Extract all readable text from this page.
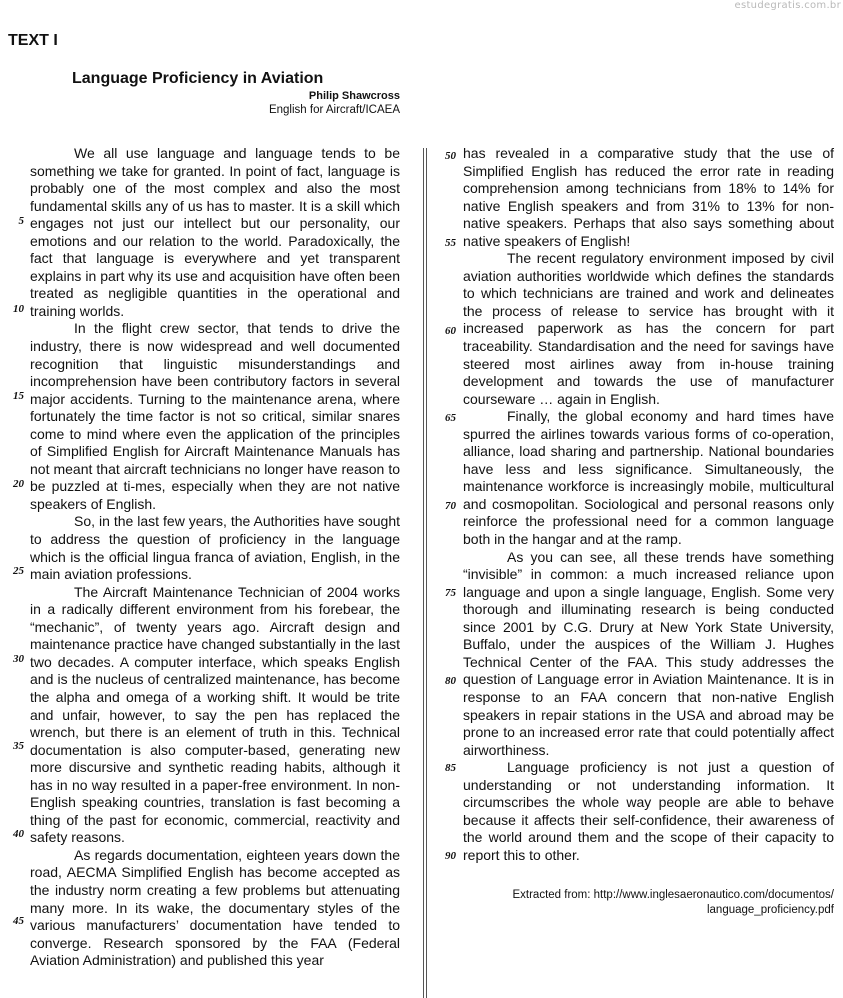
estudegratis.com.br
TEXT I
Language Proficiency in Aviation
Philip Shawcross
English for Aircraft/ICAEA

We all use language and language tends to be something we take for granted. In point of fact, language is probably one of the most complex and also the most fundamental skills any of us has to master. It is a skill which engages not just our intellect but our personality, our emotions and our relation to the world. Paradoxically, the fact that language is everywhere and yet transparent explains in part why its use and acquisition have often been treated as negligible quantities in the operational and training worlds.

In the flight crew sector, that tends to drive the industry, there is now widespread and well documented recognition that linguistic misunderstandings and incomprehension have been contributory factors in several major accidents. Turning to the maintenance arena, where fortunately the time factor is not so critical, similar snares come to mind where even the application of the principles of Simplified English for Aircraft Maintenance Manuals has not meant that aircraft technicians no longer have reason to be puzzled at ti-mes, especially when they are not native speakers of English.

So, in the last few years, the Authorities have sought to address the question of proficiency in the language which is the official lingua franca of aviation, English, in the main aviation professions.

The Aircraft Maintenance Technician of 2004 works in a radically different environment from his forebear, the “mechanic”, of twenty years ago. Aircraft design and maintenance practice have changed substantially in the last two decades. A computer interface, which speaks English and is the nucleus of centralized maintenance, has become the alpha and omega of a working shift. It would be trite and unfair, however, to say the pen has replaced the wrench, but there is an element of truth in this. Technical documentation is also computer-based, generating new more discursive and synthetic reading habits, although it has in no way resulted in a paper-free environment. In non-English speaking countries, translation is fast becoming a thing of the past for economic, commercial, reactivity and safety reasons.

As regards documentation, eighteen years down the road, AECMA Simplified English has become accepted as the industry norm creating a few problems but attenuating many more. In its wake, the documentary styles of the various manufacturers’ documentation have tended to converge. Research sponsored by the FAA (Federal Aviation Administration) and published this year

has revealed in a comparative study that the use of Simplified English has reduced the error rate in reading comprehension among technicians from 18% to 14% for native English speakers and from 31% to 13% for non-native speakers. Perhaps that also says something about native speakers of English!

The recent regulatory environment imposed by civil aviation authorities worldwide which defines the standards to which technicians are trained and work and delineates the process of release to service has brought with it increased paperwork as has the concern for part traceability. Standardisation and the need for savings have steered most airlines away from in-house training development and towards the use of manufacturer courseware … again in English.

Finally, the global economy and hard times have spurred the airlines towards various forms of co-operation, alliance, load sharing and partnership. National boundaries have less and less significance. Simultaneously, the maintenance workforce is increasingly mobile, multicultural and cosmopolitan. Sociological and personal reasons only reinforce the professional need for a common language both in the hangar and at the ramp.

As you can see, all these trends have something “invisible” in common: a much increased reliance upon language and upon a single language, English. Some very thorough and illuminating research is being conducted since 2001 by C.G. Drury at New York State University, Buffalo, under the auspices of the William J. Hughes Technical Center of the FAA. This study addresses the question of Language error in Aviation Maintenance. It is in response to an FAA concern that non-native English speakers in repair stations in the USA and abroad may be prone to an increased error rate that could potentially affect airworthiness.

Language proficiency is not just a question of understanding or not understanding information. It circumscribes the whole way people are able to behave because it affects their self-confidence, their awareness of the world around them and the scope of their capacity to report this to other.

5
10
15
20
25
30
35
40
45
50
55
60
65
70
75
80
85
90
Extracted from: http://www.inglesaeronautico.com/documentos/
language_proficiency.pdf
